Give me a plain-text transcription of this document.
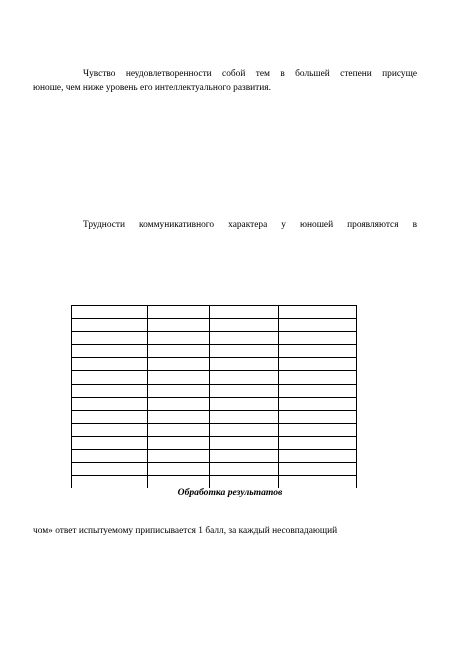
Чувство неудовлетворенности собой тем в большей степени присуще
юноше, чем ниже уровень его интеллектуального развития.

Трудности коммуникативного характера у юношей проявляются в

Обработка результатов

чом» ответ испытуемому приписывается 1 балл, за каждый несовпадающий
